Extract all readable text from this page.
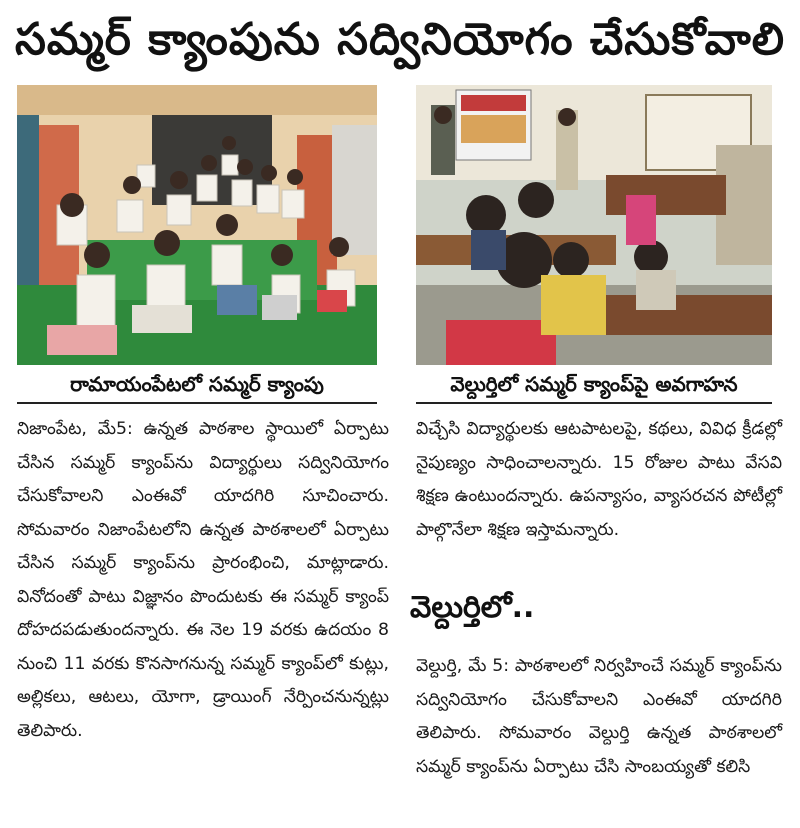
సమ్మర్ క్యాంపును సద్వినియోగం చేసుకోవాలి
రామాయంపేటలో సమ్మర్ క్యాంపు	వెల్దుర్తిలో సమ్మర్ క్యాంప్‌పై అవగాహన

నిజాంపేట, మే5: ఉన్నత పాఠశాల స్థాయిలో ఏర్పాటు చేసిన సమ్మర్ క్యాంప్‌ను విద్యార్థులు సద్వినియోగం చేసుకోవాలని ఎంఈవో యాదగిరి సూచించారు. సోమవారం నిజాంపేటలోని ఉన్నత పాఠశాలలో ఏర్పాటు చేసిన సమ్మర్ క్యాంప్‌ను ప్రారంభించి, మాట్లాడారు. వినోదంతో పాటు విజ్ఞానం పొందుటకు ఈ సమ్మర్ క్యాంప్ దోహదపడుతుందన్నారు. ఈ నెల 19 వరకు ఉదయం 8 నుంచి 11 వరకు కొనసాగనున్న సమ్మర్ క్యాంప్‌లో కుట్లు, అల్లికలు, ఆటలు, యోగా, డ్రాయింగ్ నేర్పించనున్నట్లు తెలిపారు.

విచ్చేసి విద్యార్థులకు ఆటపాటలపై, కథలు, వివిధ క్రీడల్లో నైపుణ్యం సాధించాలన్నారు. 15 రోజుల పాటు వేసవి శిక్షణ ఉంటుందన్నారు. ఉపన్యాసం, వ్యాసరచన పోటీల్లో పాల్గొనేలా శిక్షణ ఇస్తామన్నారు.

వెల్దుర్తిలో..

వెల్దుర్తి, మే 5: పాఠశాలలో నిర్వహించే సమ్మర్ క్యాంప్‌ను సద్వినియోగం చేసుకోవాలని ఎంఈవో యాదగిరి తెలిపారు. సోమవారం వెల్దుర్తి ఉన్నత పాఠశాలలో సమ్మర్ క్యాంప్‌ను ఏర్పాటు చేసి సాంబయ్యతో కలిసి
